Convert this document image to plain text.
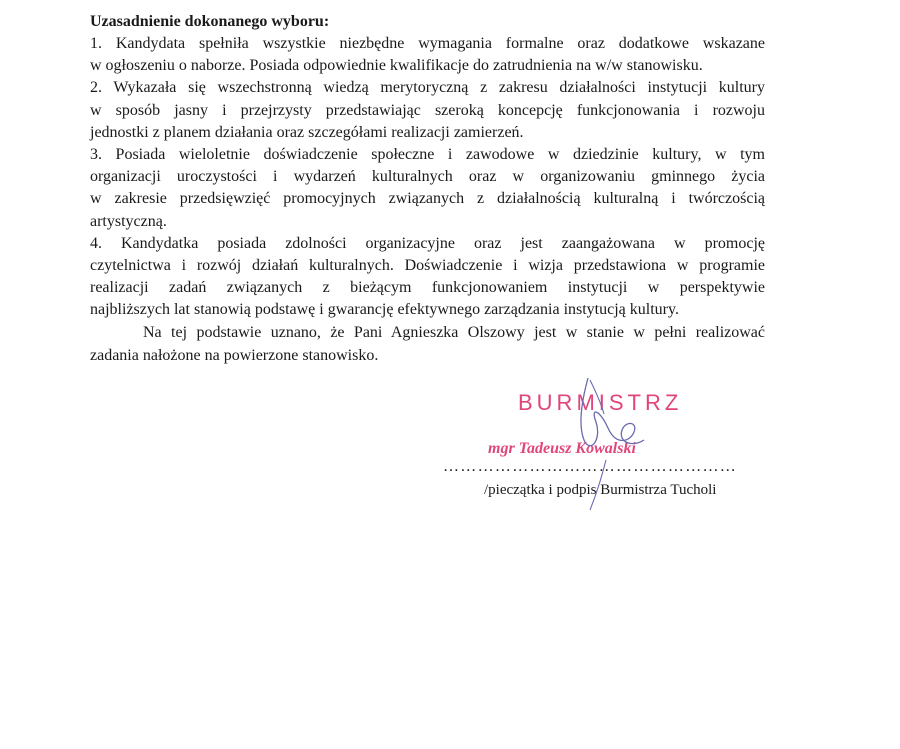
Uzasadnienie dokonanego wyboru:
1. Kandydata spełniła wszystkie niezbędne wymagania formalne oraz dodatkowe wskazane
w ogłoszeniu o naborze. Posiada odpowiednie kwalifikacje do zatrudnienia na w/w stanowisku.
2. Wykazała się wszechstronną wiedzą merytoryczną z zakresu działalności instytucji kultury
w sposób jasny i przejrzysty przedstawiając szeroką koncepcję funkcjonowania i rozwoju
jednostki z planem działania oraz szczegółami realizacji zamierzeń.
3. Posiada wieloletnie doświadczenie społeczne i zawodowe w dziedzinie kultury, w tym
organizacji uroczystości i wydarzeń kulturalnych oraz w organizowaniu gminnego życia
w zakresie przedsięwzięć promocyjnych związanych z działalnością kulturalną i twórczością
artystyczną.
4. Kandydatka posiada zdolności organizacyjne oraz jest zaangażowana w promocję
czytelnictwa i rozwój działań kulturalnych. Doświadczenie i wizja przedstawiona w programie
realizacji zadań związanych z bieżącym funkcjonowaniem instytucji w perspektywie
najbliższych lat stanowią podstawę i gwarancję efektywnego zarządzania instytucją kultury.
Na tej podstawie uznano, że Pani Agnieszka Olszowy jest w stanie w pełni realizować
zadania nałożone na powierzone stanowisko.
BURMISTRZ
mgr Tadeusz Kowalski
……………………………………………
/pieczątka i podpis Burmistrza Tucholi
